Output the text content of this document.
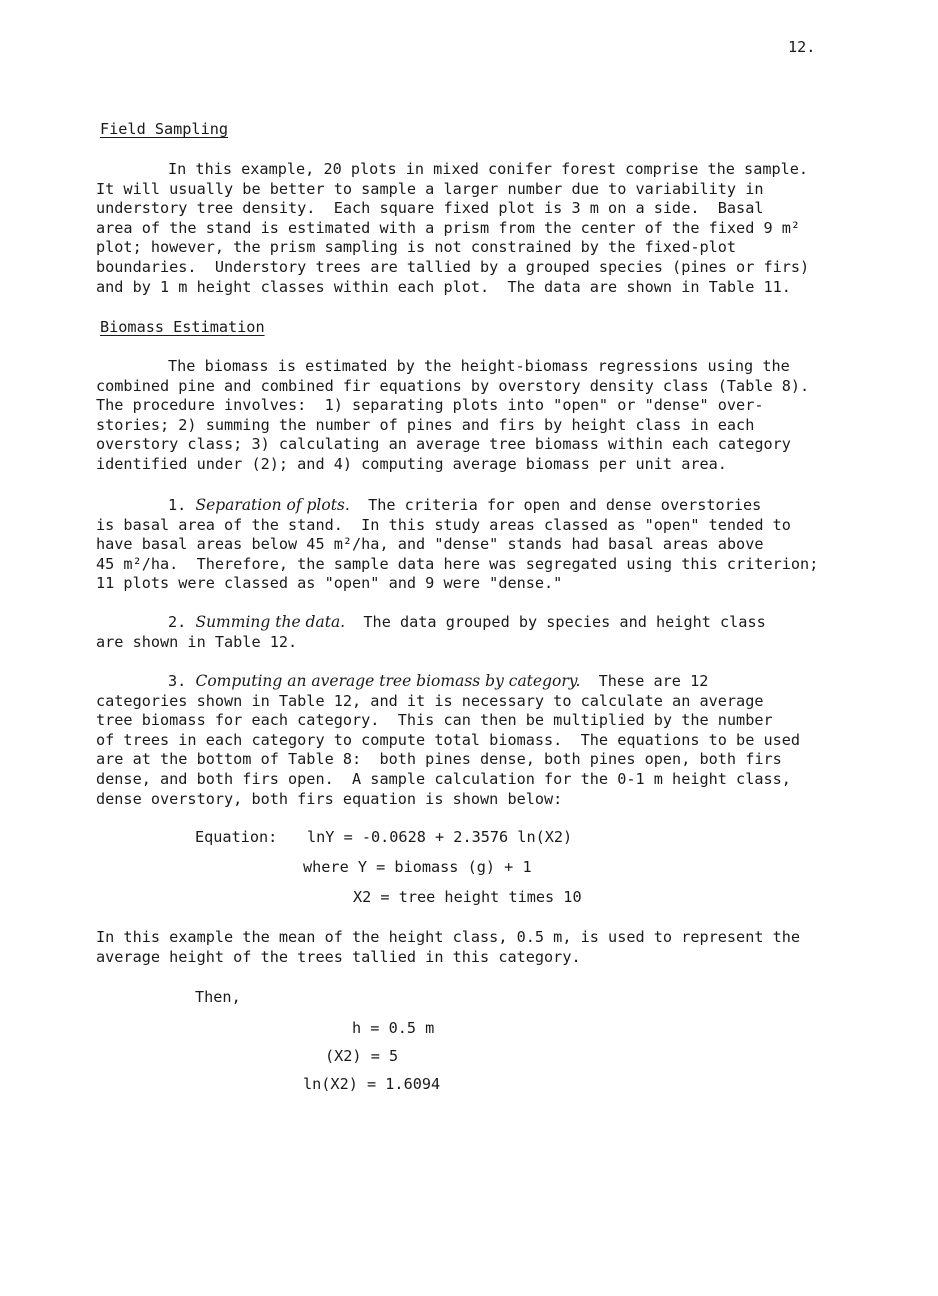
12.
Field Sampling
In this example, 20 plots in mixed conifer forest comprise the sample.
It will usually be better to sample a larger number due to variability in
understory tree density.  Each square fixed plot is 3 m on a side.  Basal
area of the stand is estimated with a prism from the center of the fixed 9 m²
plot; however, the prism sampling is not constrained by the fixed-plot
boundaries.  Understory trees are tallied by a grouped species (pines or firs)
and by 1 m height classes within each plot.  The data are shown in Table 11.
Biomass Estimation
The biomass is estimated by the height-biomass regressions using the
combined pine and combined fir equations by overstory density class (Table 8).
The procedure involves:  1) separating plots into "open" or "dense" over-
stories; 2) summing the number of pines and firs by height class in each
overstory class; 3) calculating an average tree biomass within each category
identified under (2); and 4) computing average biomass per unit area.
1. Separation of plots.  The criteria for open and dense overstories
is basal area of the stand.  In this study areas classed as "open" tended to
have basal areas below 45 m²/ha, and "dense" stands had basal areas above
45 m²/ha.  Therefore, the sample data here was segregated using this criterion;
11 plots were classed as "open" and 9 were "dense."
2. Summing the data.  The data grouped by species and height class
are shown in Table 12.
3. Computing an average tree biomass by category.  These are 12
categories shown in Table 12, and it is necessary to calculate an average
tree biomass for each category.  This can then be multiplied by the number
of trees in each category to compute total biomass.  The equations to be used
are at the bottom of Table 8:  both pines dense, both pines open, both firs
dense, and both firs open.  A sample calculation for the 0-1 m height class,
dense overstory, both firs equation is shown below:
Equation: lnY = -0.0628 + 2.3576 ln(X2)
where Y = biomass (g) + 1
X2 = tree height times 10
In this example the mean of the height class, 0.5 m, is used to represent the
average height of the trees tallied in this category.
Then,
h = 0.5 m
(X2) = 5
ln(X2) = 1.6094
